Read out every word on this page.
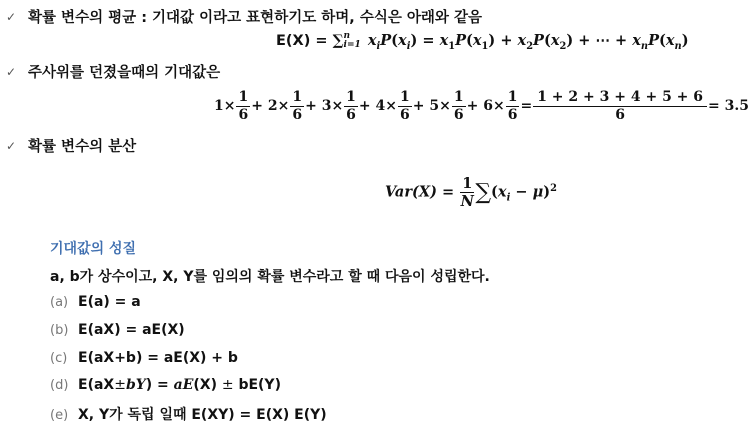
✓ 확률 변수의 평균 : 기대값 이라고 표현하기도 하며, 수식은 아래와 같음
E(X) = ∑ n
i=1 $x_iP(x_i) = x_1P(x_1) + x_2P(x_2)$ + ⋯ + $x_nP(x_n)$
✓ 주사위를 던졌을때의 기대값은
$1\times \frac{1}{6} + 2\times \frac{1}{6} + 3\times \frac{1}{6} + 4\times \frac{1}{6} + 5\times \frac{1}{6} + 6\times \frac{1}{6} = \frac{1 + 2 + 3 + 4 + 5 + 6}{6} = 3.5$
✓ 확률 변수의 분산
$Var(X) = \frac{1}{N} \sum(x_i - \mu)^2$
기대값의 성질
a, b가 상수이고, X, Y를 임의의 확률 변수라고 할 때 다음이 성립한다.
(a) E(a) = a
(b) E(aX) = aE(X)
(c) E(aX+b) = aE(X) + b
(d) E(aX±bY) = aE(X) ± bE(Y)
(e) X, Y가 독립 일때 E(XY) = E(X) E(Y)
